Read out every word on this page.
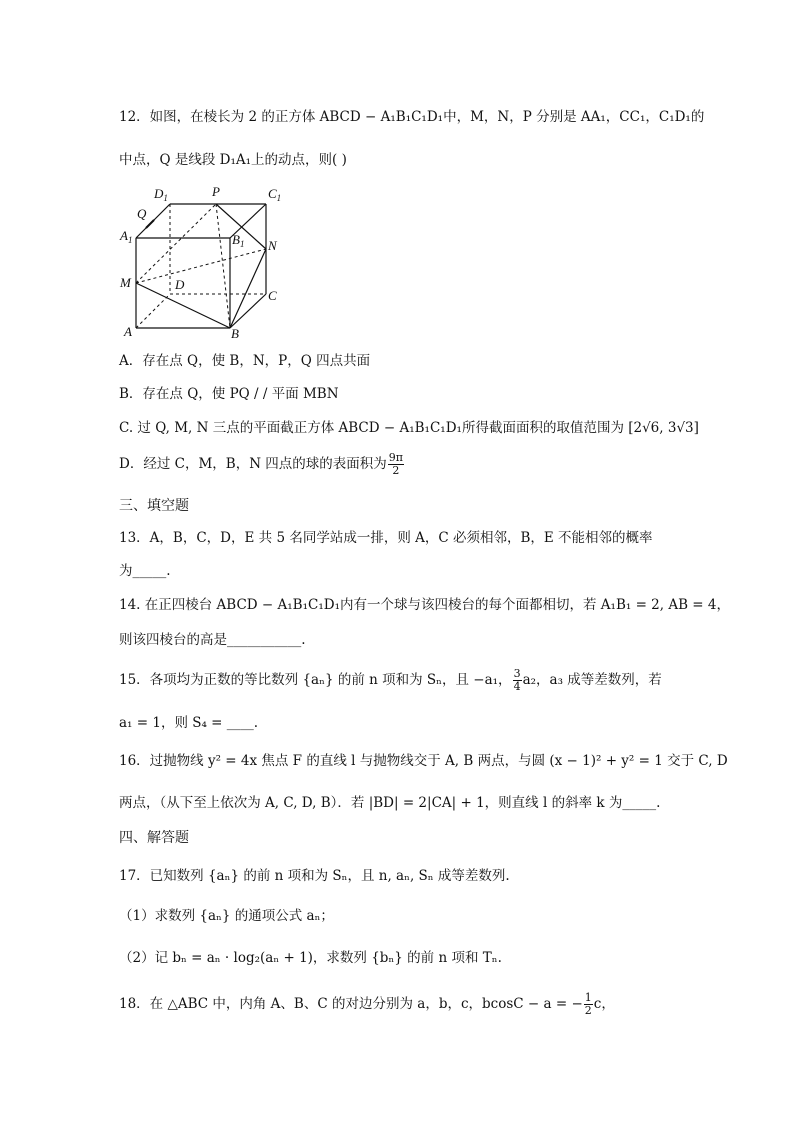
12．如图，在棱长为 2 的正方体 ABCD − A₁B₁C₁D₁中，M，N，P 分别是 AA₁，CC₁，C₁D₁的
中点，Q 是线段 D₁A₁上的动点，则( )
$D_1$	P	$C_1$
Q
$A_1$	$B_1$ N
M	D
C
A	B
A．存在点 Q，使 B，N，P，Q 四点共面
B．存在点 Q，使 PQ / / 平面 MBN
C. 过 Q, M, N 三点的平面截正方体 ABCD − A₁B₁C₁D₁所得截面面积的取值范围为 [2√6, 3√3]
D．经过 C，M，B，N 四点的球的表面积为 $\frac{9\pi}{2}$
三、填空题
13．A，B，C，D，E 共 5 名同学站成一排，则 A，C 必须相邻，B，E 不能相邻的概率
为_____.
14. 在正四棱台 ABCD − A₁B₁C₁D₁内有一个球与该四棱台的每个面都相切，若 A₁B₁ = 2, AB = 4，
则该四棱台的高是___________.
15．各项均为正数的等比数列 {aₙ} 的前 n 项和为 Sₙ，且 −a₁， $\frac{3}{4} a_2$，a₃ 成等差数列，若
a₁ = 1，则 S₄ = ____.
16．过抛物线 y² = 4x 焦点 F 的直线 l 与抛物线交于 A, B 两点，与圆 (x − 1)² + y² = 1 交于 C, D
两点，（从下至上依次为 A, C, D, B）．若 |BD| = 2|CA| + 1，则直线 l 的斜率 k 为_____.
四、解答题
17．已知数列 {aₙ} 的前 n 项和为 Sₙ，且 n, aₙ, Sₙ 成等差数列.
（1）求数列 {aₙ} 的通项公式 aₙ；
（2）记 bₙ = aₙ · log₂(aₙ + 1)，求数列 {bₙ} 的前 n 项和 Tₙ.
18．在 △ABC 中，内角 A、B、C 的对边分别为 a，b，c，bcosC − a = − $\frac{1}{2}$ c，
